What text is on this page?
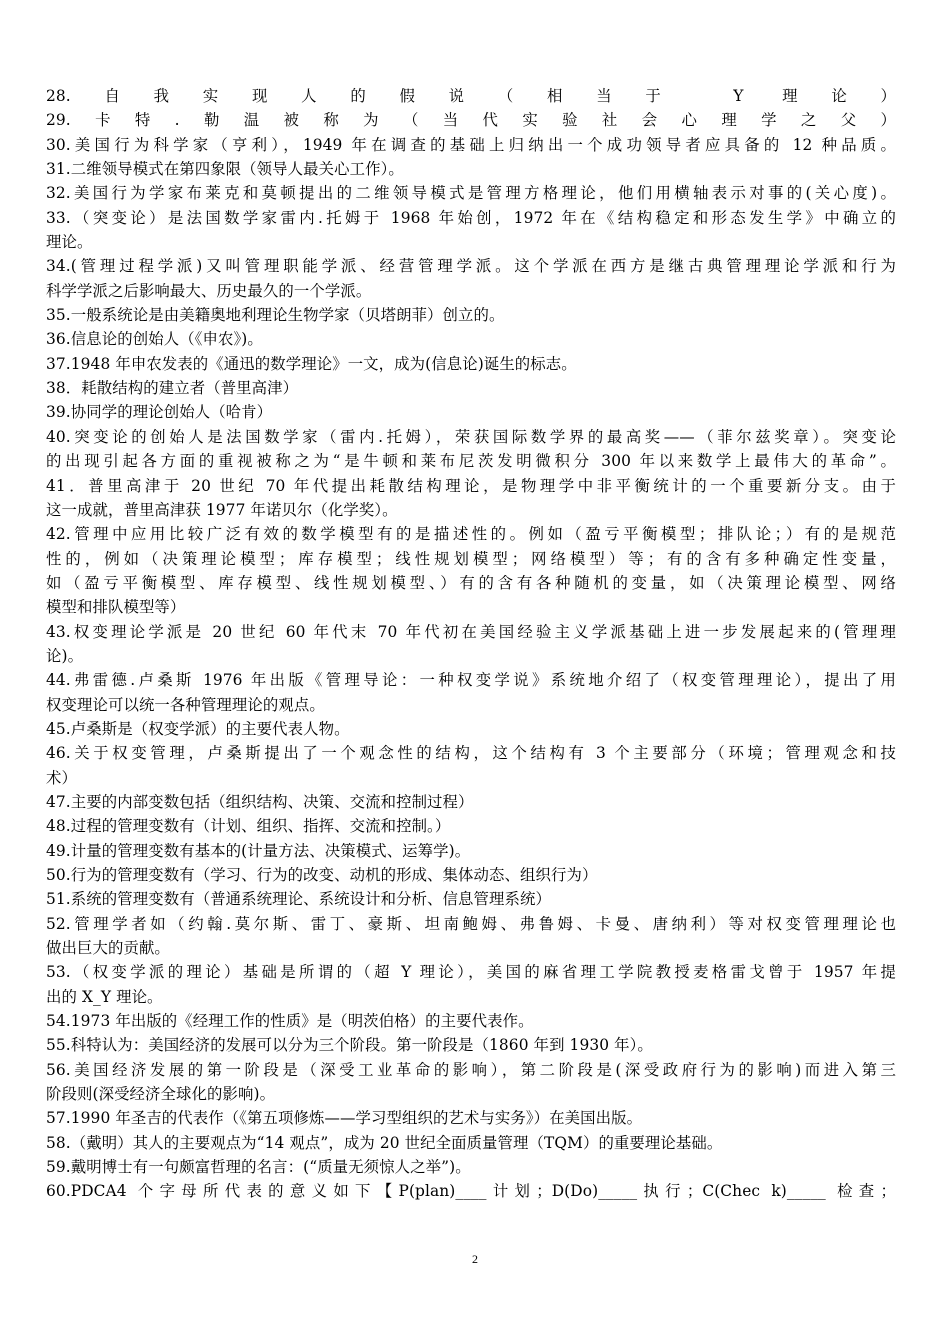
28.自我实现人的假说（相当于 Y 理论）
29.卡特.勒温被称为（当代实验社会心理学之父）
30.美国行为科学家（亨利），1949 年在调查的基础上归纳出一个成功领导者应具备的 12 种品质。
31.二维领导模式在第四象限（领导人最关心工作）。
32.美国行为学家布莱克和莫顿提出的二维领导模式是管理方格理论，他们用横轴表示对事的(关心度)。
33.（突变论）是法国数学家雷内.托姆于 1968 年始创，1972 年在《结构稳定和形态发生学》中确立的
理论。
34.(管理过程学派)又叫管理职能学派、经营管理学派。这个学派在西方是继古典管理理论学派和行为
科学学派之后影响最大、历史最久的一个学派。
35.一般系统论是由美籍奥地利理论生物学家（贝塔朗菲）创立的。
36.信息论的创始人（《申农》)。
37.1948 年申农发表的《通迅的数学理论》一文，成为(信息论)诞生的标志。
38．耗散结构的建立者（普里高津）
39.协同学的理论创始人（哈肯）
40.突变论的创始人是法国数学家（雷内.托姆），荣获国际数学界的最高奖——（菲尔兹奖章）。突变论
的出现引起各方面的重视被称之为“是牛顿和莱布尼茨发明微积分 300 年以来数学上最伟大的革命”。
41．普里高津于 20 世纪 70 年代提出耗散结构理论，是物理学中非平衡统计的一个重要新分支。由于
这一成就，普里高津获 1977 年诺贝尔（化学奖）。
42.管理中应用比较广泛有效的数学模型有的是描述性的。例如（盈亏平衡模型；排队论；）有的是规范
性的，例如（决策理论模型；库存模型；线性规划模型；网络模型）等；有的含有多种确定性变量，
如（盈亏平衡模型、库存模型、线性规划模型、）有的含有各种随机的变量，如（决策理论模型、网络
模型和排队模型等）
43.权变理论学派是 20 世纪 60 年代末 70 年代初在美国经验主义学派基础上进一步发展起来的(管理理
论)。
44.弗雷德.卢桑斯 1976 年出版《管理导论：一种权变学说》系统地介绍了（权变管理理论），提出了用
权变理论可以统一各种管理理论的观点。
45.卢桑斯是（权变学派）的主要代表人物。
46.关于权变管理，卢桑斯提出了一个观念性的结构，这个结构有 3 个主要部分（环境；管理观念和技
术）
47.主要的内部变数包括（组织结构、决策、交流和控制过程）
48.过程的管理变数有（计划、组织、指挥、交流和控制。）
49.计量的管理变数有基本的(计量方法、决策模式、运筹学)。
50.行为的管理变数有（学习、行为的改变、动机的形成、集体动态、组织行为）
51.系统的管理变数有（普通系统理论、系统设计和分析、信息管理系统）
52.管理学者如（约翰.莫尔斯、雷丁、豪斯、坦南鲍姆、弗鲁姆、卡曼、唐纳利）等对权变管理理论也
做出巨大的贡献。
53.（权变学派的理论）基础是所谓的（超 Y 理论），美国的麻省理工学院教授麦格雷戈曾于 1957 年提
出的 X_Y 理论。
54.1973 年出版的《经理工作的性质》是（明茨伯格）的主要代表作。
55.科特认为：美国经济的发展可以分为三个阶段。第一阶段是（1860 年到 1930 年）。
56.美国经济发展的第一阶段是（深受工业革命的影响），第二阶段是(深受政府行为的影响)而进入第三
阶段则(深受经济全球化的影响)。
57.1990 年圣吉的代表作（《第五项修炼——学习型组织的艺术与实务》）在美国出版。
58.（戴明）其人的主要观点为“14 观点”，成为 20 世纪全面质量管理（TQM）的重要理论基础。
59.戴明博士有一句颇富哲理的名言：(“质量无须惊人之举”)。
60.PDCA4 个字母所代表的意义如下【P(plan)____计划；D(Do)_____执行；C(Chec k)_____ 检查；
2
